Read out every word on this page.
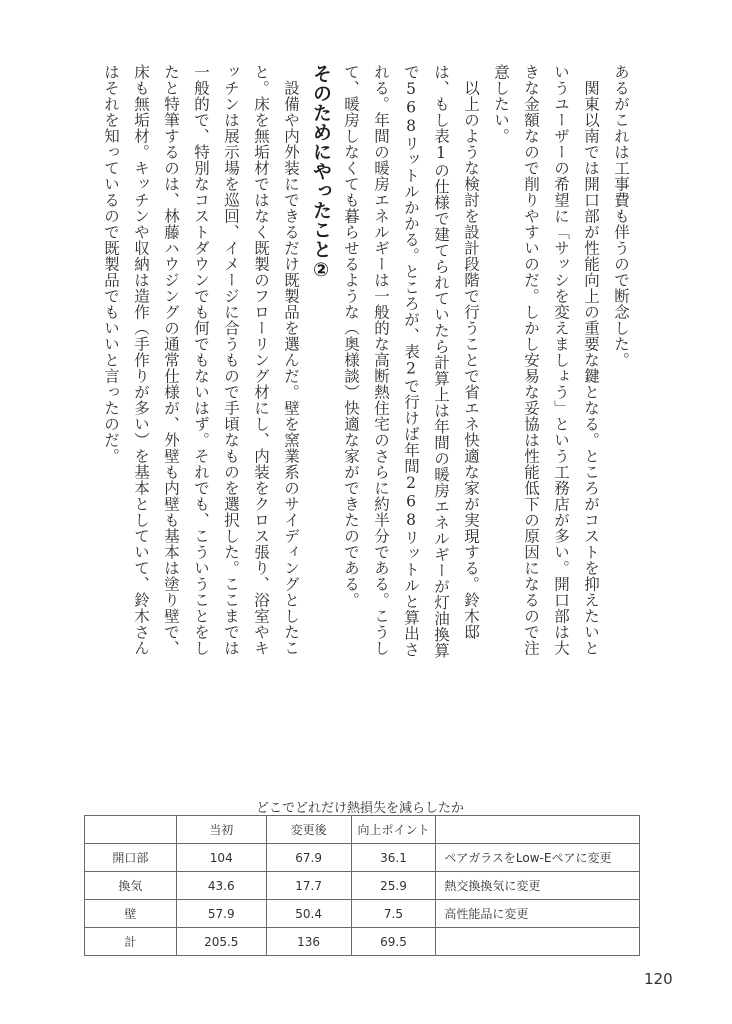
あるがこれは工事費も伴うので断念した。

関東以南では開口部が性能向上の重要な鍵となる。ところがコストを抑えたいというユーザーの希望に「サッシを変えましょう」という工務店が多い。開口部は大きな金額なので削りやすいのだ。しかし安易な妥協は性能低下の原因になるので注意したい。

以上のような検討を設計段階で行うことで省エネ快適な家が実現する。鈴木邸は、もし表1の仕様で建てられていたら計算上は年間の暖房エネルギーが灯油換算で568リットルかかる。ところが、表2で行けば年間268リットルと算出される。年間の暖房エネルギーは一般的な高断熱住宅のさらに約半分である。こうして、暖房しなくても暮らせるような（奥様談）快適な家ができたのである。

そのためにやったこと②

設備や内外装にできるだけ既製品を選んだ。壁を窯業系のサイディングとしたこと。床を無垢材ではなく既製のフローリング材にし、内装をクロス張り、浴室やキッチンは展示場を巡回、イメージに合うもので手頃なものを選択した。ここまでは一般的で、特別なコストダウンでも何でもないはず。それでも、こういうことをしたと特筆するのは、林藤ハウジングの通常仕様が、外壁も内壁も基本は塗り壁で、床も無垢材。キッチンや収納は造作（手作りが多い）を基本としていて、鈴木さんはそれを知っているので既製品でもいいと言ったのだ。

どこでどれだけ熱損失を減らしたか
	当初	変更後	向上ポイント	
開口部	104	67.9	36.1	ペアガラスをLow-Eペアに変更
換気	43.6	17.7	25.9	熱交換換気に変更
壁	57.9	50.4	7.5	高性能品に変更
計	205.5	136	69.5	
120
